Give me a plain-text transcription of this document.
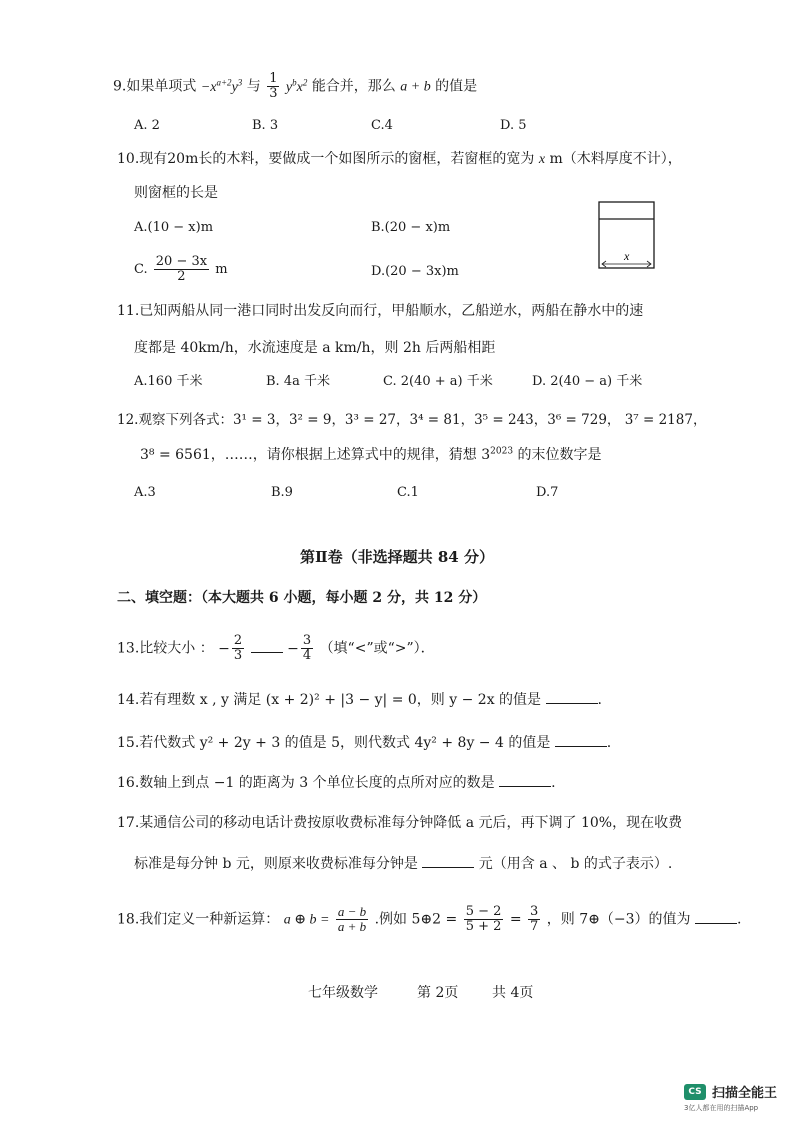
9.如果单项式 $-x^{a+2}y^3$ 与 $\frac{1}{3} y^bx^2$ 能合并，那么 a + b 的值是
A. 2	B. 3	C.4	D. 5
10.现有20m长的木料，要做成一个如图所示的窗框，若窗框的宽为 x m（木料厚度不计），
则窗框的长是
A.(10 − x)m	B.(20 − x)m
C. $\frac{20 - 3x}{2}$ m	D.(20 − 3x)m
x
11.已知两船从同一港口同时出发反向而行，甲船顺水，乙船逆水，两船在静水中的速
度都是 40km/h，水流速度是 a km/h，则 2h 后两船相距
A.160 千米	B. 4a 千米	C. 2(40 + a) 千米	D. 2(40 − a) 千米
12.观察下列各式：3¹ = 3，3² = 9，3³ = 27，3⁴ = 81，3⁵ = 243，3⁶ = 729， 3⁷ = 2187，
3⁸ = 6561，……，请你根据上述算式中的规律，猜想 $3^{2023}$ 的末位数字是
A.3	B.9	C.1	D.7
第Ⅱ卷（非选择题共 84 分）
二、填空题：（本大题共 6 小题，每小题 2 分，共 12 分）
13.比较大小 ： − $\frac{2}{3}$	− $\frac{3}{4}$ （填“<”或“>”）．
14.若有理数 x , y 满足 (x + 2)² + |3 − y| = 0，则 y − 2x 的值是	.
15.若代数式 y² + 2y + 3 的值是 5，则代数式 4y² + 8y − 4 的值是	.
16.数轴上到点 −1 的距离为 3 个单位长度的点所对应的数是	.
17.某通信公司的移动电话计费按原收费标准每分钟降低 a 元后，再下调了 10%，现在收费
标准是每分钟 b 元，则原来收费标准每分钟是	元（用含 a 、 b 的式子表示）.
18.我们定义一种新运算： a ⊕ $b = \frac{a - b}{a + b}$ .例如 5⊕2 = $\frac{5 - 2}{5 + 2} = \frac{3}{7}$ ，则 7⊕（−3）的值为	.
七年级数学	第 2页 共 4页
CS 扫描全能王
3亿人都在用的扫描App
